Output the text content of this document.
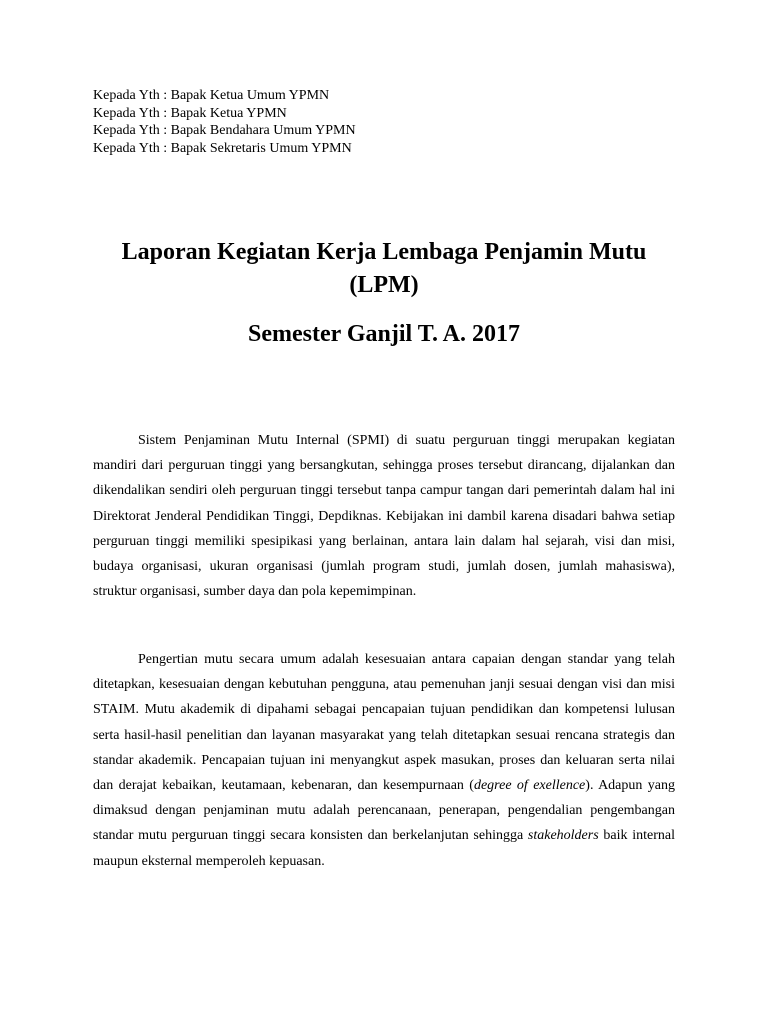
Kepada Yth : Bapak Ketua Umum YPMN
Kepada Yth : Bapak Ketua YPMN
Kepada Yth : Bapak Bendahara Umum YPMN
Kepada Yth : Bapak Sekretaris Umum YPMN
Laporan Kegiatan Kerja Lembaga Penjamin Mutu (LPM)
Semester Ganjil T. A. 2017

Sistem Penjaminan Mutu Internal (SPMI) di suatu perguruan tinggi merupakan kegiatan mandiri dari perguruan tinggi yang bersangkutan, sehingga proses tersebut dirancang, dijalankan dan dikendalikan sendiri oleh perguruan tinggi tersebut tanpa campur tangan dari pemerintah dalam hal ini Direktorat Jenderal Pendidikan Tinggi, Depdiknas. Kebijakan ini dambil karena disadari bahwa setiap perguruan tinggi memiliki spesipikasi yang berlainan, antara lain dalam hal sejarah, visi dan misi, budaya organisasi, ukuran organisasi (jumlah program studi, jumlah dosen, jumlah mahasiswa), struktur organisasi, sumber daya dan pola kepemimpinan.

Pengertian mutu secara umum adalah kesesuaian antara capaian dengan standar yang telah ditetapkan, kesesuaian dengan kebutuhan pengguna, atau pemenuhan janji sesuai dengan visi dan misi STAIM. Mutu akademik di dipahami sebagai pencapaian tujuan pendidikan dan kompetensi lulusan serta hasil-hasil penelitian dan layanan masyarakat yang telah ditetapkan sesuai rencana strategis dan standar akademik. Pencapaian tujuan ini menyangkut aspek masukan, proses dan keluaran serta nilai dan derajat kebaikan, keutamaan, kebenaran, dan kesempurnaan (degree of exellence). Adapun yang dimaksud dengan penjaminan mutu adalah perencanaan, penerapan, pengendalian pengembangan standar mutu perguruan tinggi secara konsisten dan berkelanjutan sehingga stakeholders baik internal maupun eksternal memperoleh kepuasan.
